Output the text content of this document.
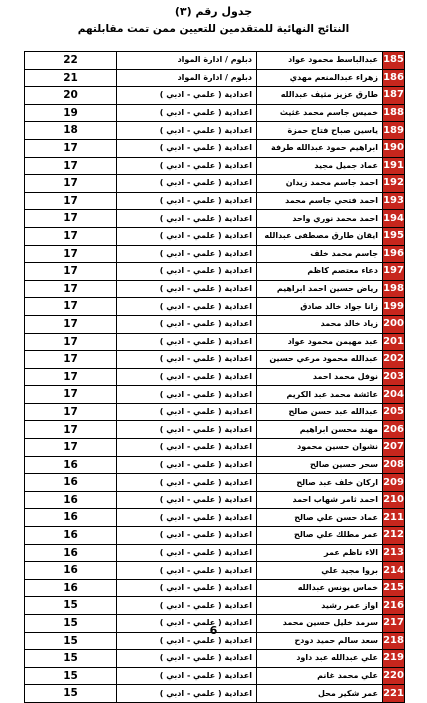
جدول رقم (٣)
النتائج النهائية للمتقدمين للتعيين ممن تمت مقابلتهم
22	دبلوم / ادارة المواد	عبدالباسط محمود عواد	185
21	دبلوم / ادارة المواد	زهراء عبدالمنعم مهدي	186
20	اعدادية ( علمي - ادبي )	طارق عزيز مثيف عبدالله	187
19	اعدادية ( علمي - ادبي )	خميس جاسم محمد غثيث	188
18	اعدادية ( علمي - ادبي )	ياسين صباح فتاح حمزة	189
17	اعدادية ( علمي - ادبي )	ابراهيم حمود عبدالله طرفة	190
17	اعدادية ( علمي - ادبي )	عماد جميل مجيد	191
17	اعدادية ( علمي - ادبي )	احمد جاسم محمد زيدان	192
17	اعدادية ( علمي - ادبي )	احمد فتحي جاسم محمد	193
17	اعدادية ( علمي - ادبي )	احمد محمد نوري واحد	194
17	اعدادية ( علمي - ادبي )	ايقان طارق مصطفى عبدالله	195
17	اعدادية ( علمي - ادبي )	جاسم محمد خلف	196
17	اعدادية ( علمي - ادبي )	دعاء معتصم كاظم	197
17	اعدادية ( علمي - ادبي )	رياض حسين احمد ابراهيم	198
17	اعدادية ( علمي - ادبي )	زانا جواد خالد صادق	199
17	اعدادية ( علمي - ادبي )	زياد خالد محمد	200
17	اعدادية ( علمي - ادبي )	عبد مهيمن محمود عواد	201
17	اعدادية ( علمي - ادبي )	عبدالله محمود مرعي حسين	202
17	اعدادية ( علمي - ادبي )	نوفل محمد احمد	203
17	اعدادية ( علمي - ادبي )	عائشة محمد عبد الكريم	204
17	اعدادية ( علمي - ادبي )	عبدالله عبد حسن صالح	205
17	اعدادية ( علمي - ادبي )	مهند محسن ابراهيم	206
17	اعدادية ( علمي - ادبي )	نشوان حسين محمود	207
16	اعدادية ( علمي - ادبي )	سحر حسين صالح	208
16	اعدادية ( علمي - ادبي )	اركان خلف عبد صالح	209
16	اعدادية ( علمي - ادبي )	احمد ثامر شهاب احمد	210
16	اعدادية ( علمي - ادبي )	عماد حسن علي صالح	211
16	اعدادية ( علمي - ادبي )	عمر مطلك علي صالح	212
16	اعدادية ( علمي - ادبي )	الاء ناظم عمر	213
16	اعدادية ( علمي - ادبي )	بروا مجيد علي	214
16	اعدادية ( علمي - ادبي )	خماس يونس عبدالله	215
15	اعدادية ( علمي - ادبي )	اواز عمر رشيد	216
15	اعدادية ( علمي - ادبي )	سرمد خليل حسين محمد	217
15	اعدادية ( علمي - ادبي )	سعد سالم حميد دودح	218
15	اعدادية ( علمي - ادبي )	علي عبدالله عبد داود	219
15	اعدادية ( علمي - ادبي )	علي محمد غانم	220
15	اعدادية ( علمي - ادبي )	عمر شكير محل	221
6
